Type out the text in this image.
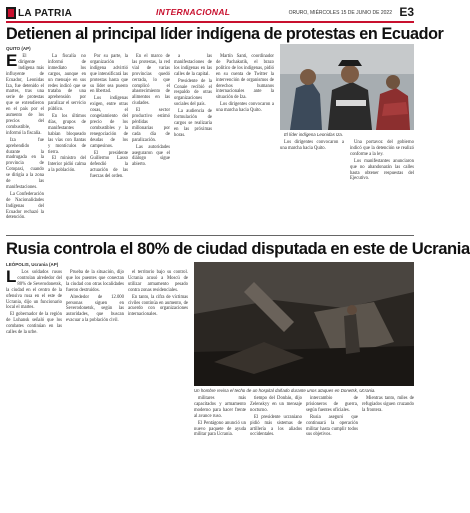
LA PATRIA	INTERNACIONAL	ORURO, MIÉRCOLES 15 DE JUNIO DE 2022 E3
Detienen al principal líder indígena de protestas en Ecuador
QUITO (AP)
E	El dirigente indígena más influyente de Ecuador, Leonidas Iza, fue detenido el martes, tras una serie de protestas que se extendieron en el país por el aumento de los precios del combustible, informó la fiscalía.

Iza fue aprehendido durante la madrugada en la provincia de Cotopaxi, cuando se dirigía a la zona de las manifestaciones.

La Confederación de Nacionalidades Indígenas del Ecuador rechazó la detención.

La fiscalía no informó de inmediato los cargos, aunque en un mensaje en sus redes indicó que se trataba de una aprehensión por paralizar el servicio público.

En los últimos días, grupos de manifestantes habían bloqueado las vías con llantas y montículos de tierra.

El ministro del Interior pidió calma a la población.

Por su parte, la organización indígena advirtió que intensificará las protestas hasta que su líder sea puesto en libertad.

Los indígenas exigen, entre otras cosas, el congelamiento del precio de los combustibles y la renegociación de deudas de los campesinos.

El presidente Guillermo Lasso defendió la actuación de las fuerzas del orden.

En el marco de las protestas, la red vial de varias provincias quedó cerrada, lo que complicó el abastecimiento de alimentos en las ciudades.

El sector productivo estimó pérdidas millonarias por cada día de paralización.

Las autoridades aseguraron que el diálogo sigue abierto.

a las manifestaciones de los indígenas en las calles de la capital.

Presidente de la Conaie recibió el respaldo de otras organizaciones sociales del país.

La audiencia de formulación de cargos se realizaría en las próximas horas.

Martín Santi, coordinador de Pachakutik, el brazo político de los indígenas, pidió en su cuenta de Twitter la intervención de organismos de derechos humanos internacionales ante la situación de Iza.

Los dirigentes convocaron a una marcha hacia Quito.

El líder indígena Leonidas Iza.

Los dirigentes convocaron a una marcha hacia Quito.

Una portavoz del gobierno indicó que la detención se realizó conforme a la ley.

Los manifestantes anunciaron que no abandonarán las calles hasta obtener respuestas del Ejecutivo.

Rusia controla el 80% de ciudad disputada en este de Ucrania
LEÓPOLIS, Ucrania (AP)
L	Los soldados rusos controlan alrededor del 80% de Severodonetsk, la ciudad en el centro de la ofensiva rusa en el este de Ucrania, dijo un funcionario local el martes.

El gobernador de la región de Luhansk señaló que los combates continúan en las calles de la urbe.

Prueba de la situación, dijo que los puentes que conectan la ciudad con otras localidades fueron destruidos.

Alrededor de 12.000 personas siguen en Severodonetsk, según las autoridades, que buscan evacuar a la población civil.

el territorio bajo su control. Ucrania acusó a Moscú de utilizar armamento pesado contra zonas residenciales.

En tanto, la cifra de víctimas civiles continúa en aumento, de acuerdo con organizaciones internacionales.

Un hombre revisa el techo de un hospital dañado durante unos ataques en Donetsk, Ucrania.

militares más capacitados y armamento moderno para hacer frente al avance ruso.

El Pentágono anunció un nuevo paquete de ayuda militar para Ucrania.

tiempo del Donbás, dijo Zelenskyy en un mensaje nocturno.

El presidente ucraniano pidió más sistemas de artillería a los aliados occidentales.

intercambio de prisioneros de guerra, según fuentes oficiales.

Rusia aseguró que continuará la operación militar hasta cumplir todos sus objetivos.

Mientras tanto, miles de refugiados siguen cruzando la frontera.
